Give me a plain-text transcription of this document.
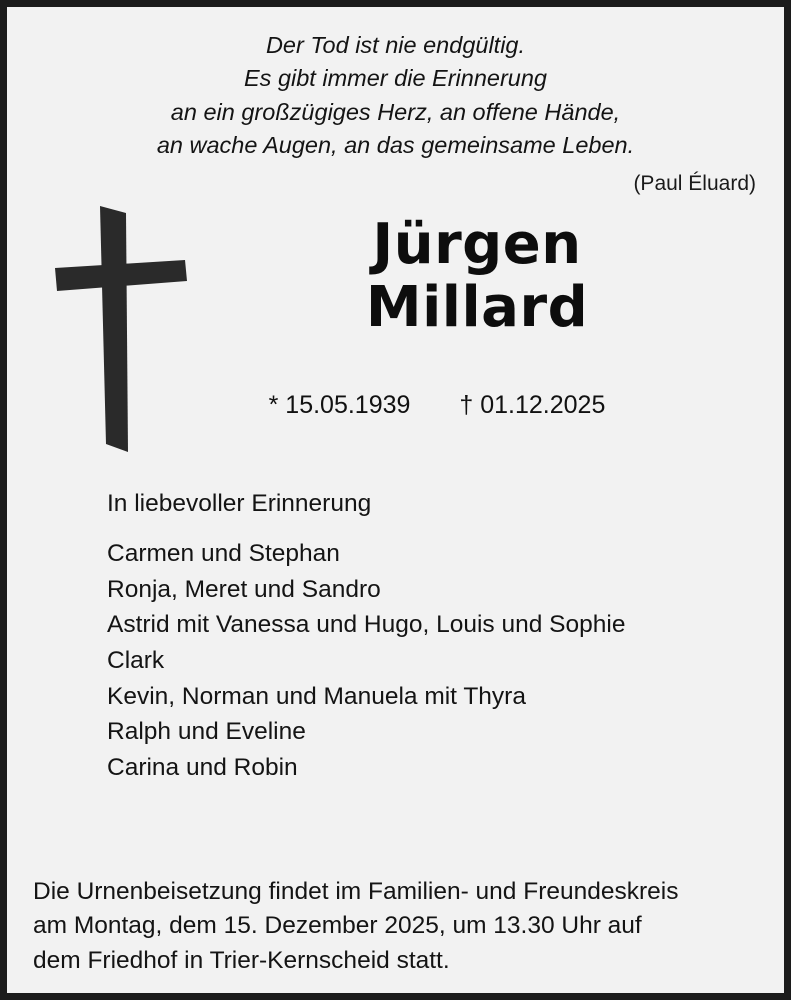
Der Tod ist nie endgültig.
Es gibt immer die Erinnerung
an ein großzügiges Herz, an offene Hände,
an wache Augen, an das gemeinsame Leben.
(Paul Éluard)
Jürgen
Millard
* 15.05.1939 † 01.12.2025
In liebevoller Erinnerung
Carmen und Stephan
Ronja, Meret und Sandro
Astrid mit Vanessa und Hugo, Louis und Sophie
Clark
Kevin, Norman und Manuela mit Thyra
Ralph und Eveline
Carina und Robin
Die Urnenbeisetzung findet im Familien- und Freundeskreis
am Montag, dem 15. Dezember 2025, um 13.30 Uhr auf
dem Friedhof in Trier-Kernscheid statt.
